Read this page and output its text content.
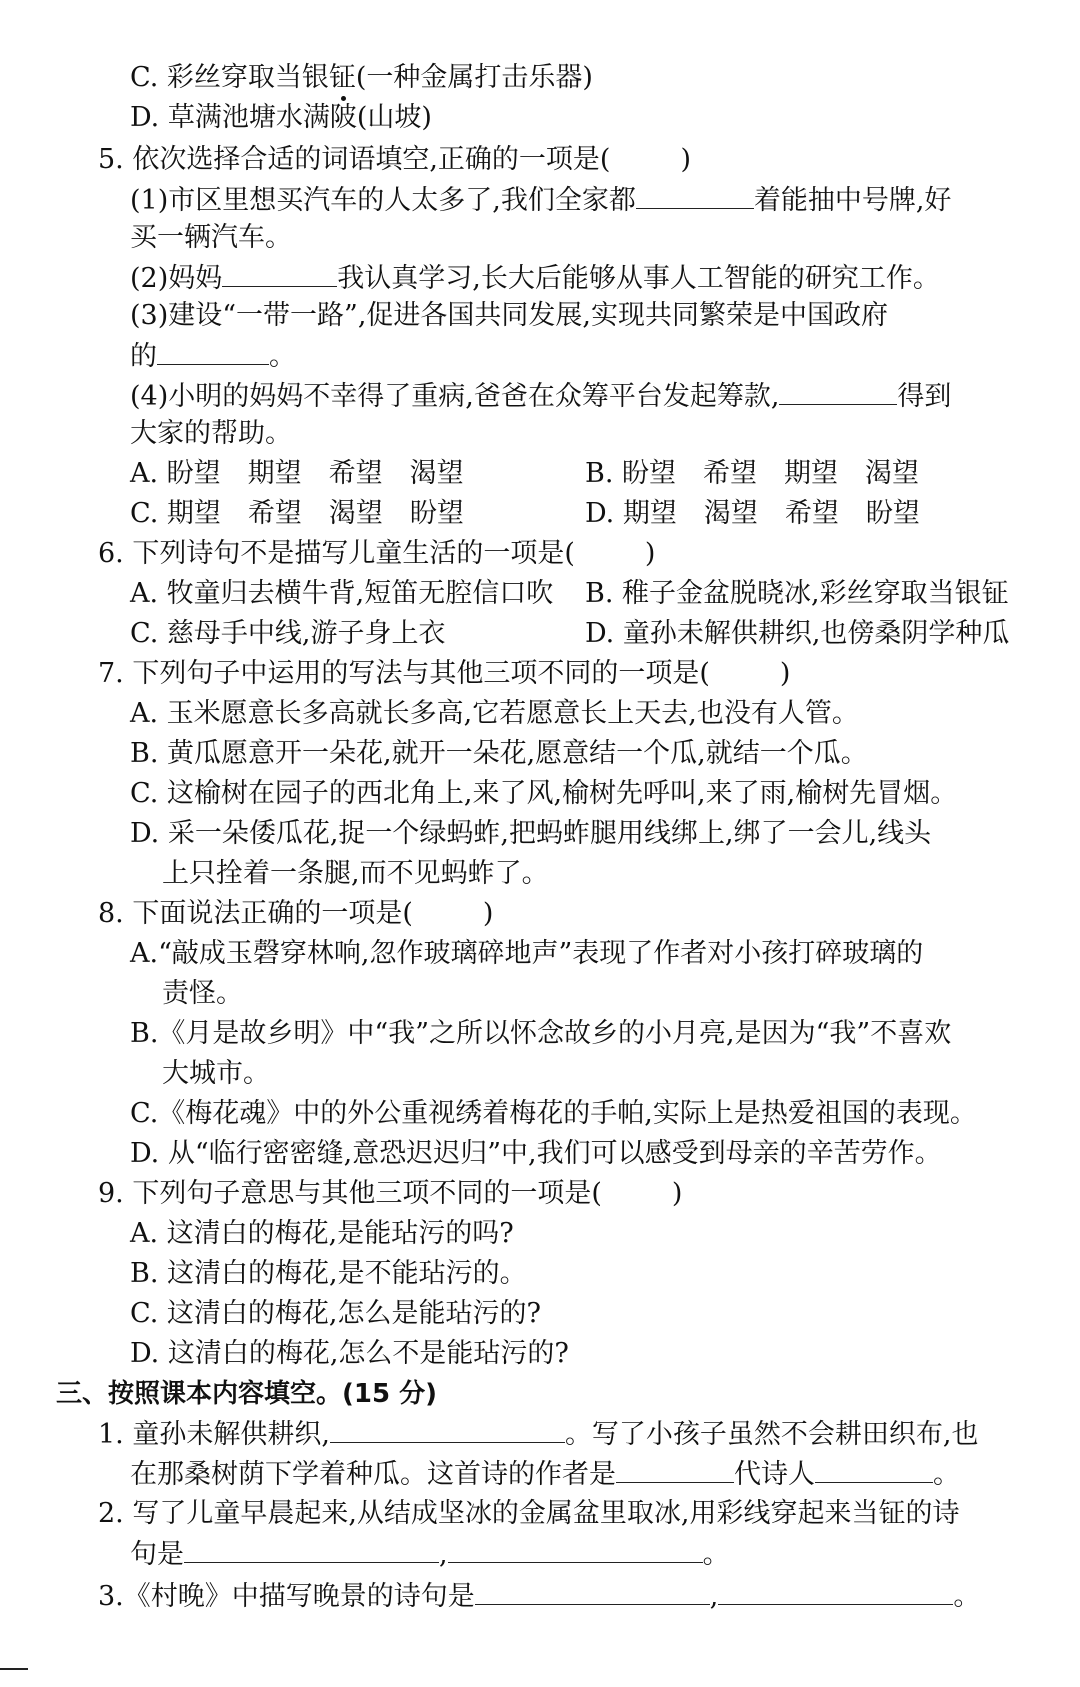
C. 彩丝穿取当银钲(一种金属打击乐器)
D. 草满池塘水满陂(山坡)
5. 依次选择合适的词语填空,正确的一项是(	)
(1)市区里想买汽车的人太多了,我们全家都	着能抽中号牌,好
买一辆汽车。
(2)妈妈	我认真学习,长大后能够从事人工智能的研究工作。
(3)建设“一带一路”,促进各国共同发展,实现共同繁荣是中国政府
的	。
(4)小明的妈妈不幸得了重病,爸爸在众筹平台发起筹款,	得到
大家的帮助。
A. 盼望　期望　希望　渴望	B. 盼望　希望　期望　渴望
C. 期望　希望　渴望　盼望	D. 期望　渴望　希望　盼望
6. 下列诗句不是描写儿童生活的一项是(	)
A. 牧童归去横牛背,短笛无腔信口吹 B. 稚子金盆脱晓冰,彩丝穿取当银钲
C. 慈母手中线,游子身上衣	D. 童孙未解供耕织,也傍桑阴学种瓜
7. 下列句子中运用的写法与其他三项不同的一项是(	)
A. 玉米愿意长多高就长多高,它若愿意长上天去,也没有人管。
B. 黄瓜愿意开一朵花,就开一朵花,愿意结一个瓜,就结一个瓜。
C. 这榆树在园子的西北角上,来了风,榆树先呼叫,来了雨,榆树先冒烟。
D. 采一朵倭瓜花,捉一个绿蚂蚱,把蚂蚱腿用线绑上,绑了一会儿,线头
上只拴着一条腿,而不见蚂蚱了。
8. 下面说法正确的一项是(	)
A.“敲成玉磬穿林响,忽作玻璃碎地声”表现了作者对小孩打碎玻璃的
责怪。
B.《月是故乡明》中“我”之所以怀念故乡的小月亮,是因为“我”不喜欢
大城市。
C.《梅花魂》中的外公重视绣着梅花的手帕,实际上是热爱祖国的表现。
D. 从“临行密密缝,意恐迟迟归”中,我们可以感受到母亲的辛苦劳作。
9. 下列句子意思与其他三项不同的一项是(	)
A. 这清白的梅花,是能玷污的吗?
B. 这清白的梅花,是不能玷污的。
C. 这清白的梅花,怎么是能玷污的?
D. 这清白的梅花,怎么不是能玷污的?
三、按照课本内容填空。(15 分)
1. 童孙未解供耕织,	。写了小孩子虽然不会耕田织布,也
在那桑树荫下学着种瓜。这首诗的作者是	代诗人	。
2. 写了儿童早晨起来,从结成坚冰的金属盆里取冰,用彩线穿起来当钲的诗
句是	,	。
3.《村晚》中描写晚景的诗句是	,	。
